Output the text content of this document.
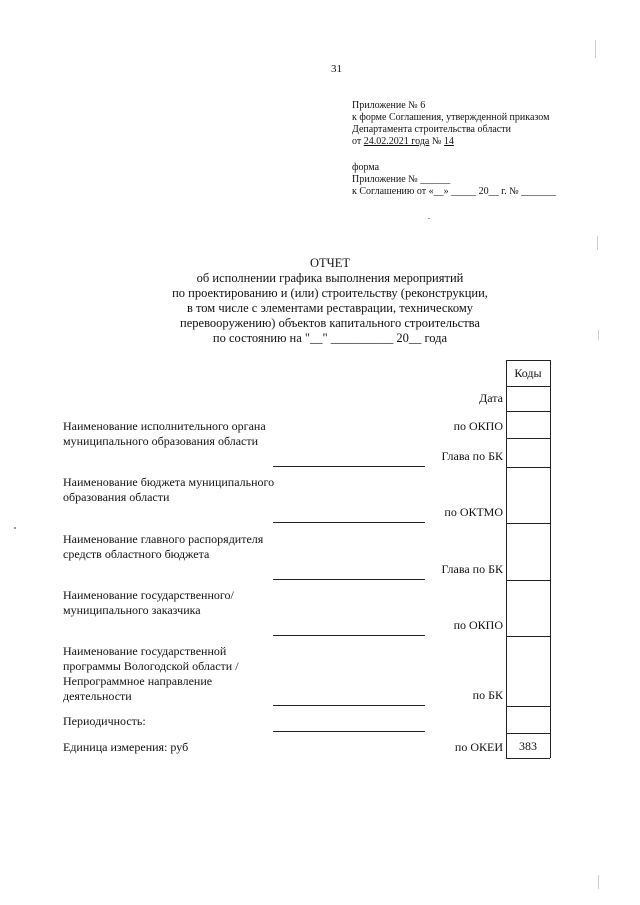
31
Приложение № 6
к форме Соглашения, утвержденной приказом
Департамента строительства области
от 24.02.2021 года № 14
форма
Приложение № ______
к Соглашению от «__» _____ 20__ г. № _______
ОТЧЕТ
об исполнении графика выполнения мероприятий
по проектированию и (или) строительству (реконструкции,
в том числе с элементами реставрации, техническому
перевооружению) объектов капитального строительства
по состоянию на "__" __________ 20__ года
Коды
383
Дата
Наименование исполнительного органа муниципального образования области
по ОКПО
Глава по БК
Наименование бюджета муниципального образования области
по ОКТМО
Наименование главного распорядителя средств областного бюджета
Глава по БК
Наименование государственного/муниципального заказчика
по ОКПО
Наименование государственной программы Вологодской области /Непрограммное направление деятельности	по БК
Периодичность:
Единица измерения: руб	по ОКЕИ
